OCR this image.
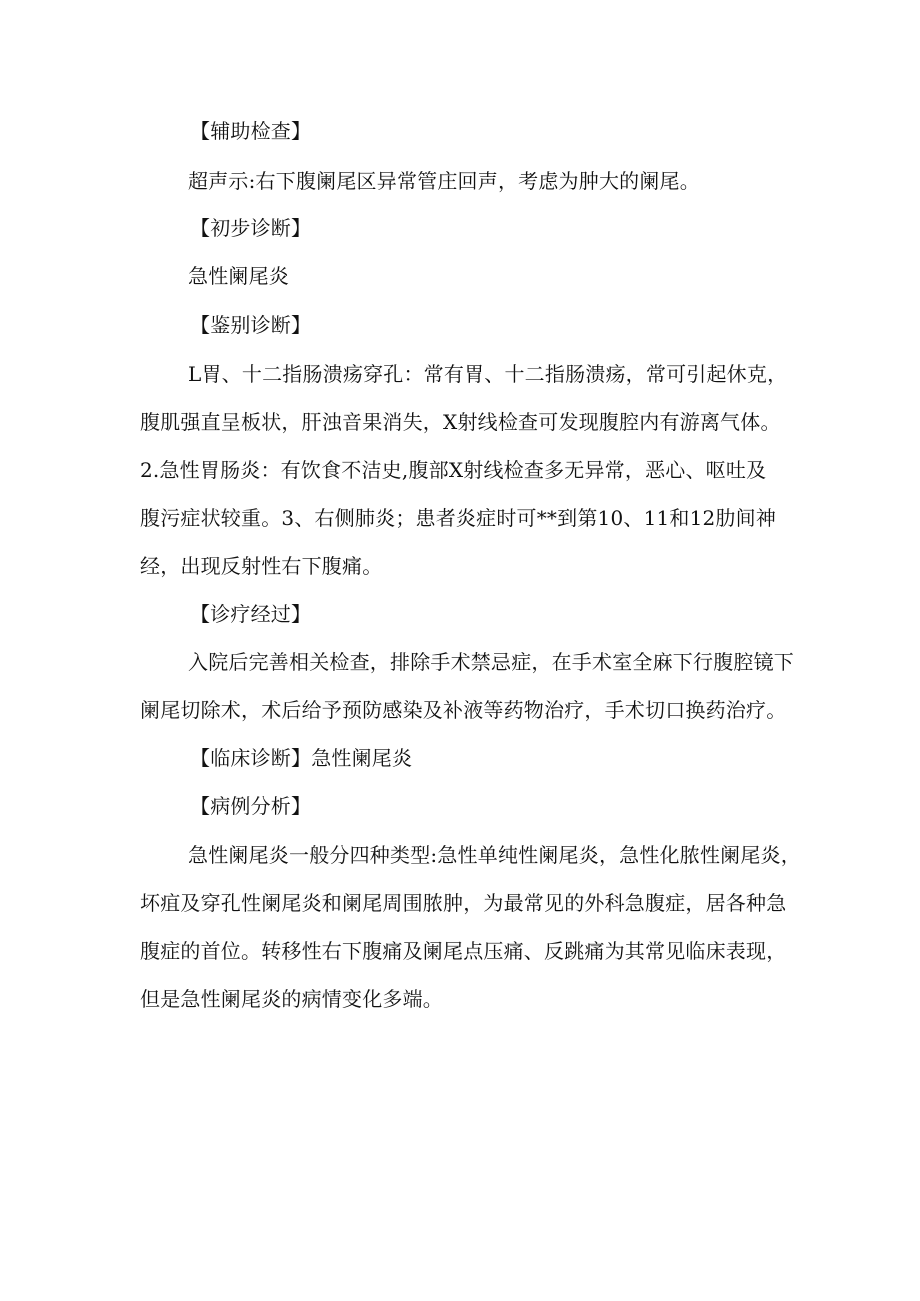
【辅助检查】
超声示:右下腹阑尾区异常管庄回声，考虑为肿大的阑尾。
【初步诊断】
急性阑尾炎
【鉴别诊断】
L胃、十二指肠溃疡穿孔：常有胃、十二指肠溃疡，常可引起休克，
腹肌强直呈板状，肝浊音果消失，X射线检查可发现腹腔内有游离气体。
2.急性胃肠炎：有饮食不洁史,腹部X射线检查多无异常，恶心、呕吐及
腹污症状较重。3、右侧肺炎；患者炎症时可**到第10、11和12肋间神
经，出现反射性右下腹痛。
【诊疗经过】
入院后完善相关检查，排除手术禁忌症，在手术室全麻下行腹腔镜下
阑尾切除术，术后给予预防感染及补液等药物治疗，手术切口换药治疗。
【临床诊断】急性阑尾炎
【病例分析】
急性阑尾炎一般分四种类型:急性单纯性阑尾炎，急性化脓性阑尾炎，
坏疽及穿孔性阑尾炎和阑尾周围脓肿，为最常见的外科急腹症，居各种急
腹症的首位。转移性右下腹痛及阑尾点压痛、反跳痛为其常见临床表现，
但是急性阑尾炎的病情变化多端。
